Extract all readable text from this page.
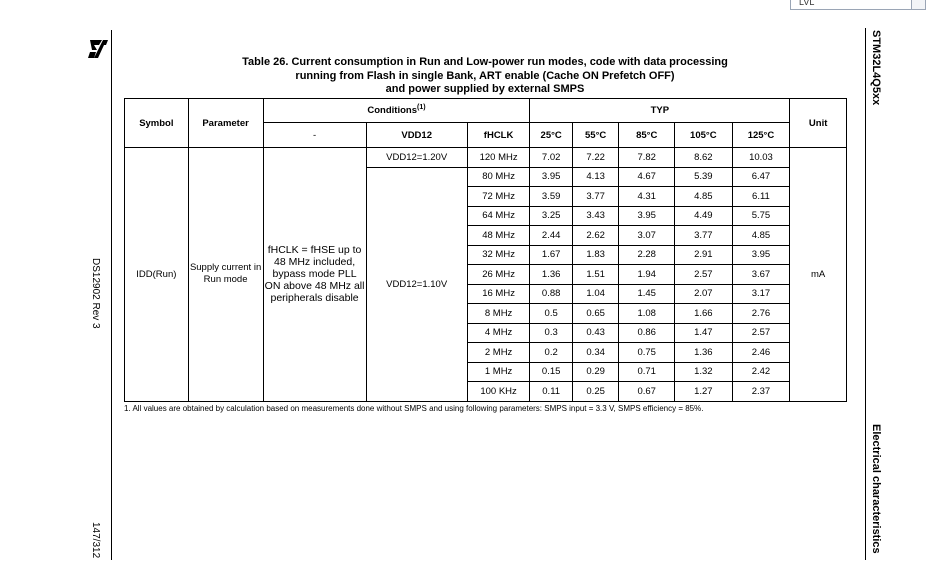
DS12902 Rev 3
147/312
STM32L4Q5xx
Electrical characteristics
LVL
Table 26. Current consumption in Run and Low-power run modes, code with data processing
running from Flash in single Bank, ART enable (Cache ON Prefetch OFF)
and power supplied by external SMPS
Symbol	Parameter	Conditions$^{(1)}$			TYP					Unit
		-	VDD12	fHCLK	25°C	55°C	85°C	105°C	125°C	
IDD(Run)	Supply current in Run mode	fHCLK = fHSE up to 48 MHz included, bypass mode PLL ON above 48 MHz all peripherals disable	VDD12=1.20V	120 MHz	7.02	7.22	7.82	8.62	10.03	mA
			VDD12=1.10V	80 MHz	3.95	4.13	4.67	5.39	6.47	
				72 MHz	3.59	3.77	4.31	4.85	6.11	
				64 MHz	3.25	3.43	3.95	4.49	5.75	
				48 MHz	2.44	2.62	3.07	3.77	4.85	
				32 MHz	1.67	1.83	2.28	2.91	3.95	
				26 MHz	1.36	1.51	1.94	2.57	3.67	
				16 MHz	0.88	1.04	1.45	2.07	3.17	
				8 MHz	0.5	0.65	1.08	1.66	2.76	
				4 MHz	0.3	0.43	0.86	1.47	2.57	
				2 MHz	0.2	0.34	0.75	1.36	2.46	
				1 MHz	0.15	0.29	0.71	1.32	2.42	
				100 KHz	0.11	0.25	0.67	1.27	2.37	
1. All values are obtained by calculation based on measurements done without SMPS and using following parameters: SMPS input = 3.3 V, SMPS efficiency = 85%.
